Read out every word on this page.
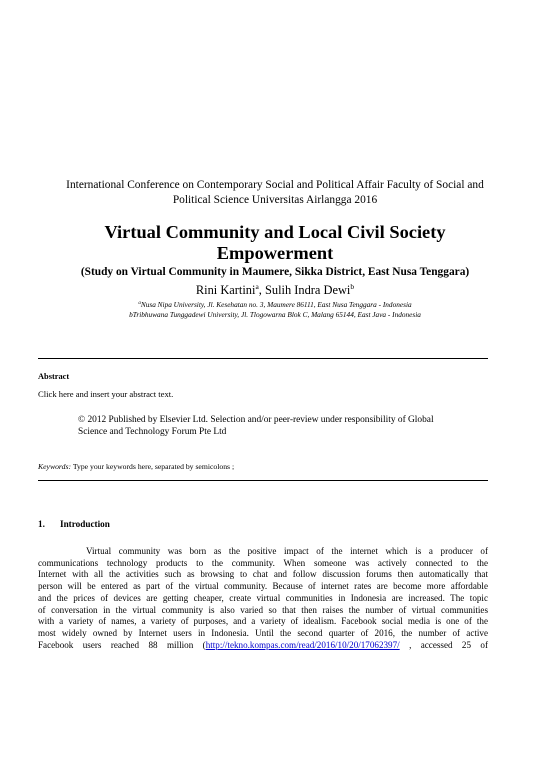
International Conference on Contemporary Social and Political Affair Faculty of Social and
Political Science Universitas Airlangga 2016
Virtual Community and Local Civil Society
Empowerment
(Study on Virtual Community in Maumere, Sikka District, East Nusa Tenggara)
Rini Kartini$^a$, Sulih Indra Dewi$^b$
$^a$Nusa Nipa University, Jl. Kesehatan no. 3, Maumere 86111, East Nusa Tenggara - Indonesia
bTribhuwana Tunggadewi University, Jl. Tlogowarna Blok C, Malang 65144, East Java - Indonesia
Abstract
Click here and insert your abstract text.
© 2012 Published by Elsevier Ltd. Selection and/or peer-review under responsibility of Global
Science and Technology Forum Pte Ltd
Keywords: Type your keywords here, separated by semicolons ;
1. Introduction
Virtual community was born as the positive impact of the internet which is a producer of
communications technology products to the community. When someone was actively connected to the
Internet with all the activities such as browsing to chat and follow discussion forums then automatically that
person will be entered as part of the virtual community. Because of internet rates are become more affordable
and the prices of devices are getting cheaper, create virtual communities in Indonesia are increased. The topic
of conversation in the virtual community is also varied so that then raises the number of virtual communities
with a variety of names, a variety of purposes, and a variety of idealism. Facebook social media is one of the
most widely owned by Internet users in Indonesia. Until the second quarter of 2016, the number of active
Facebook users reached 88 million (http://tekno.kompas.com/read/2016/10/20/17062397/ , accessed 25 of
